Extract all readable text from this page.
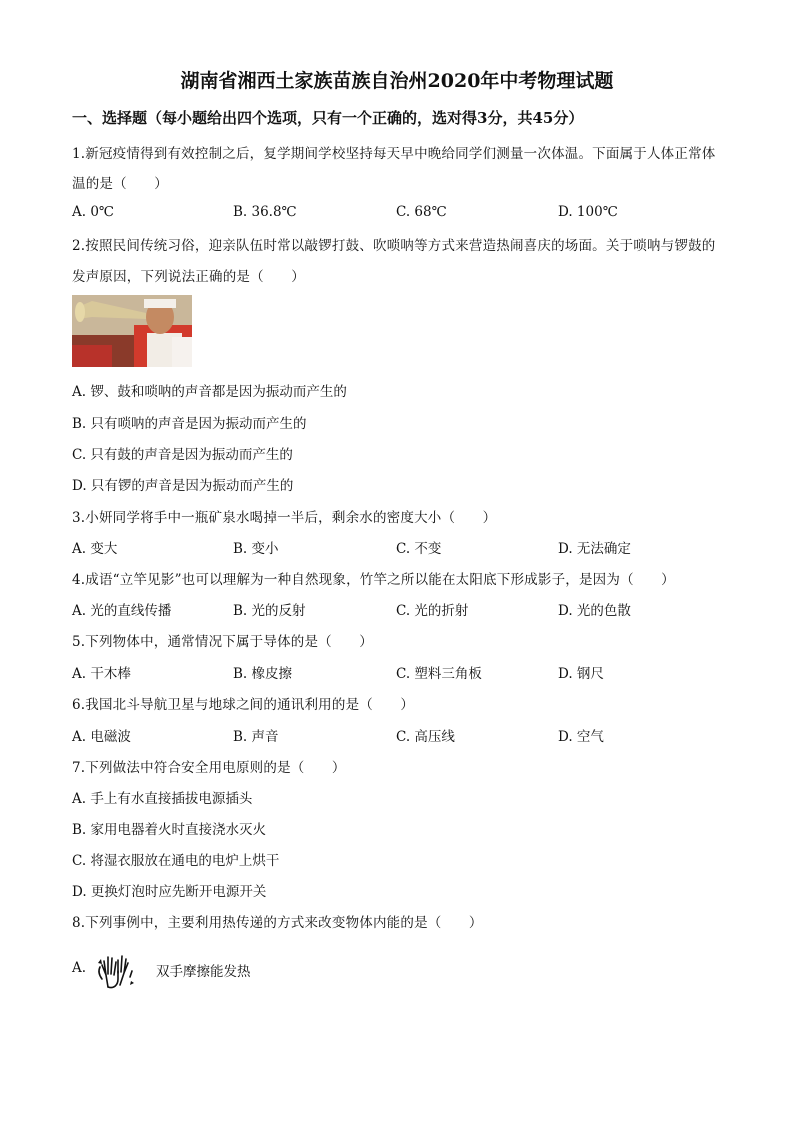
湖南省湘西土家族苗族自治州2020年中考物理试题
一、选择题（每小题给出四个选项，只有一个正确的，选对得3分，共45分）
1.新冠疫情得到有效控制之后，复学期间学校坚持每天早中晚给同学们测量一次体温。下面属于人体正常体
温的是（　　）
A. 0℃	B. 36.8℃	C. 68℃	D. 100℃
2.按照民间传统习俗，迎亲队伍时常以敲锣打鼓、吹唢呐等方式来营造热闹喜庆的场面。关于唢呐与锣鼓的
发声原因，下列说法正确的是（　　）
A. 锣、鼓和唢呐的声音都是因为振动而产生的
B. 只有唢呐的声音是因为振动而产生的
C. 只有鼓的声音是因为振动而产生的
D. 只有锣的声音是因为振动而产生的
3.小妍同学将手中一瓶矿泉水喝掉一半后，剩余水的密度大小（　　）
A. 变大	B. 变小	C. 不变	D. 无法确定
4.成语“立竿见影”也可以理解为一种自然现象，竹竿之所以能在太阳底下形成影子，是因为（　　）
A. 光的直线传播	B. 光的反射	C. 光的折射	D. 光的色散
5.下列物体中，通常情况下属于导体的是（　　）
A. 干木棒	B. 橡皮擦	C. 塑料三角板	D. 钢尺
6.我国北斗导航卫星与地球之间的通讯利用的是（　　）
A. 电磁波	B. 声音	C. 高压线	D. 空气
7.下列做法中符合安全用电原则的是（　　）
A. 手上有水直接插拔电源插头
B. 家用电器着火时直接浇水灭火
C. 将湿衣服放在通电的电炉上烘干
D. 更换灯泡时应先断开电源开关
8.下列事例中，主要利用热传递的方式来改变物体内能的是（　　）
A.	双手摩擦能发热
